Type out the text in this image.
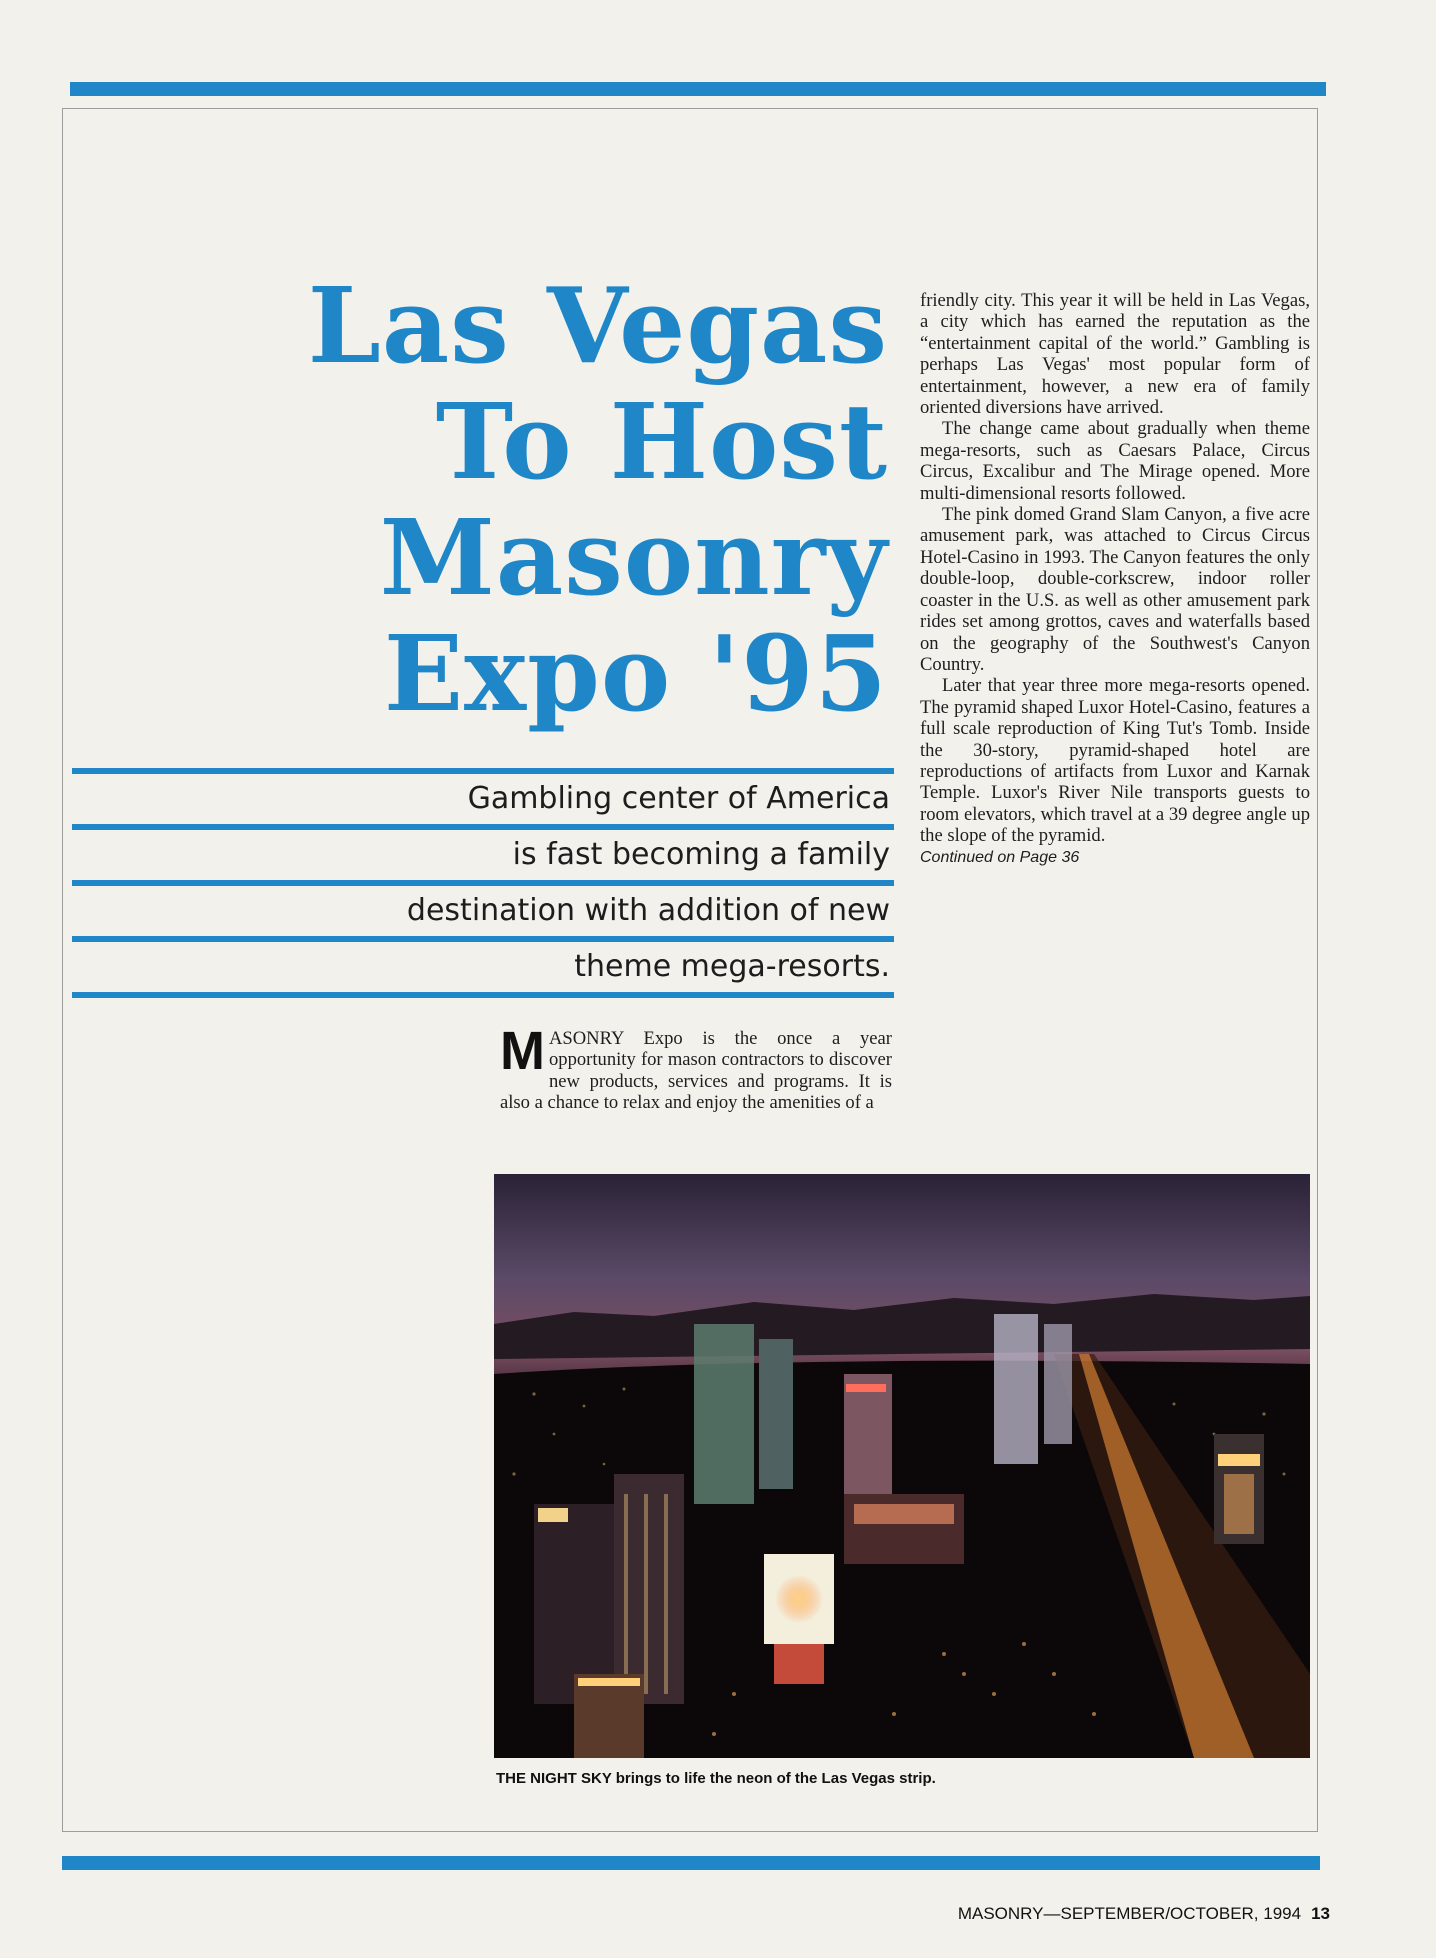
Las Vegas
To Host
Masonry
Expo '95
Gambling center of America
is fast becoming a family
destination with addition of new
theme mega-resorts.

MASONRY Expo is the once a year opportunity for mason contractors to discover new products, services and programs. It is also a chance to relax and enjoy the amenities of a

friendly city. This year it will be held in Las Vegas, a city which has earned the reputation as the “entertainment capital of the world.” Gambling is perhaps Las Vegas' most popular form of entertainment, however, a new era of family oriented diversions have arrived.

The change came about gradually when theme mega-resorts, such as Caesars Palace, Circus Circus, Excalibur and The Mirage opened. More multi-dimensional resorts followed.

The pink domed Grand Slam Canyon, a five acre amusement park, was attached to Circus Circus Hotel-Casino in 1993. The Canyon features the only double-loop, double-corkscrew, indoor roller coaster in the U.S. as well as other amusement park rides set among grottos, caves and waterfalls based on the geography of the Southwest's Canyon Country.

Later that year three more mega-resorts opened. The pyramid shaped Luxor Hotel-Casino, features a full scale reproduction of King Tut's Tomb. Inside the 30-story, pyramid-shaped hotel are reproductions of artifacts from Luxor and Karnak Temple. Luxor's River Nile transports guests to room elevators, which travel at a 39 degree angle up the slope of the pyramid.

Continued on Page 36

THE NIGHT SKY brings to life the neon of the Las Vegas strip.
MASONRY—SEPTEMBER/OCTOBER, 1994 13
